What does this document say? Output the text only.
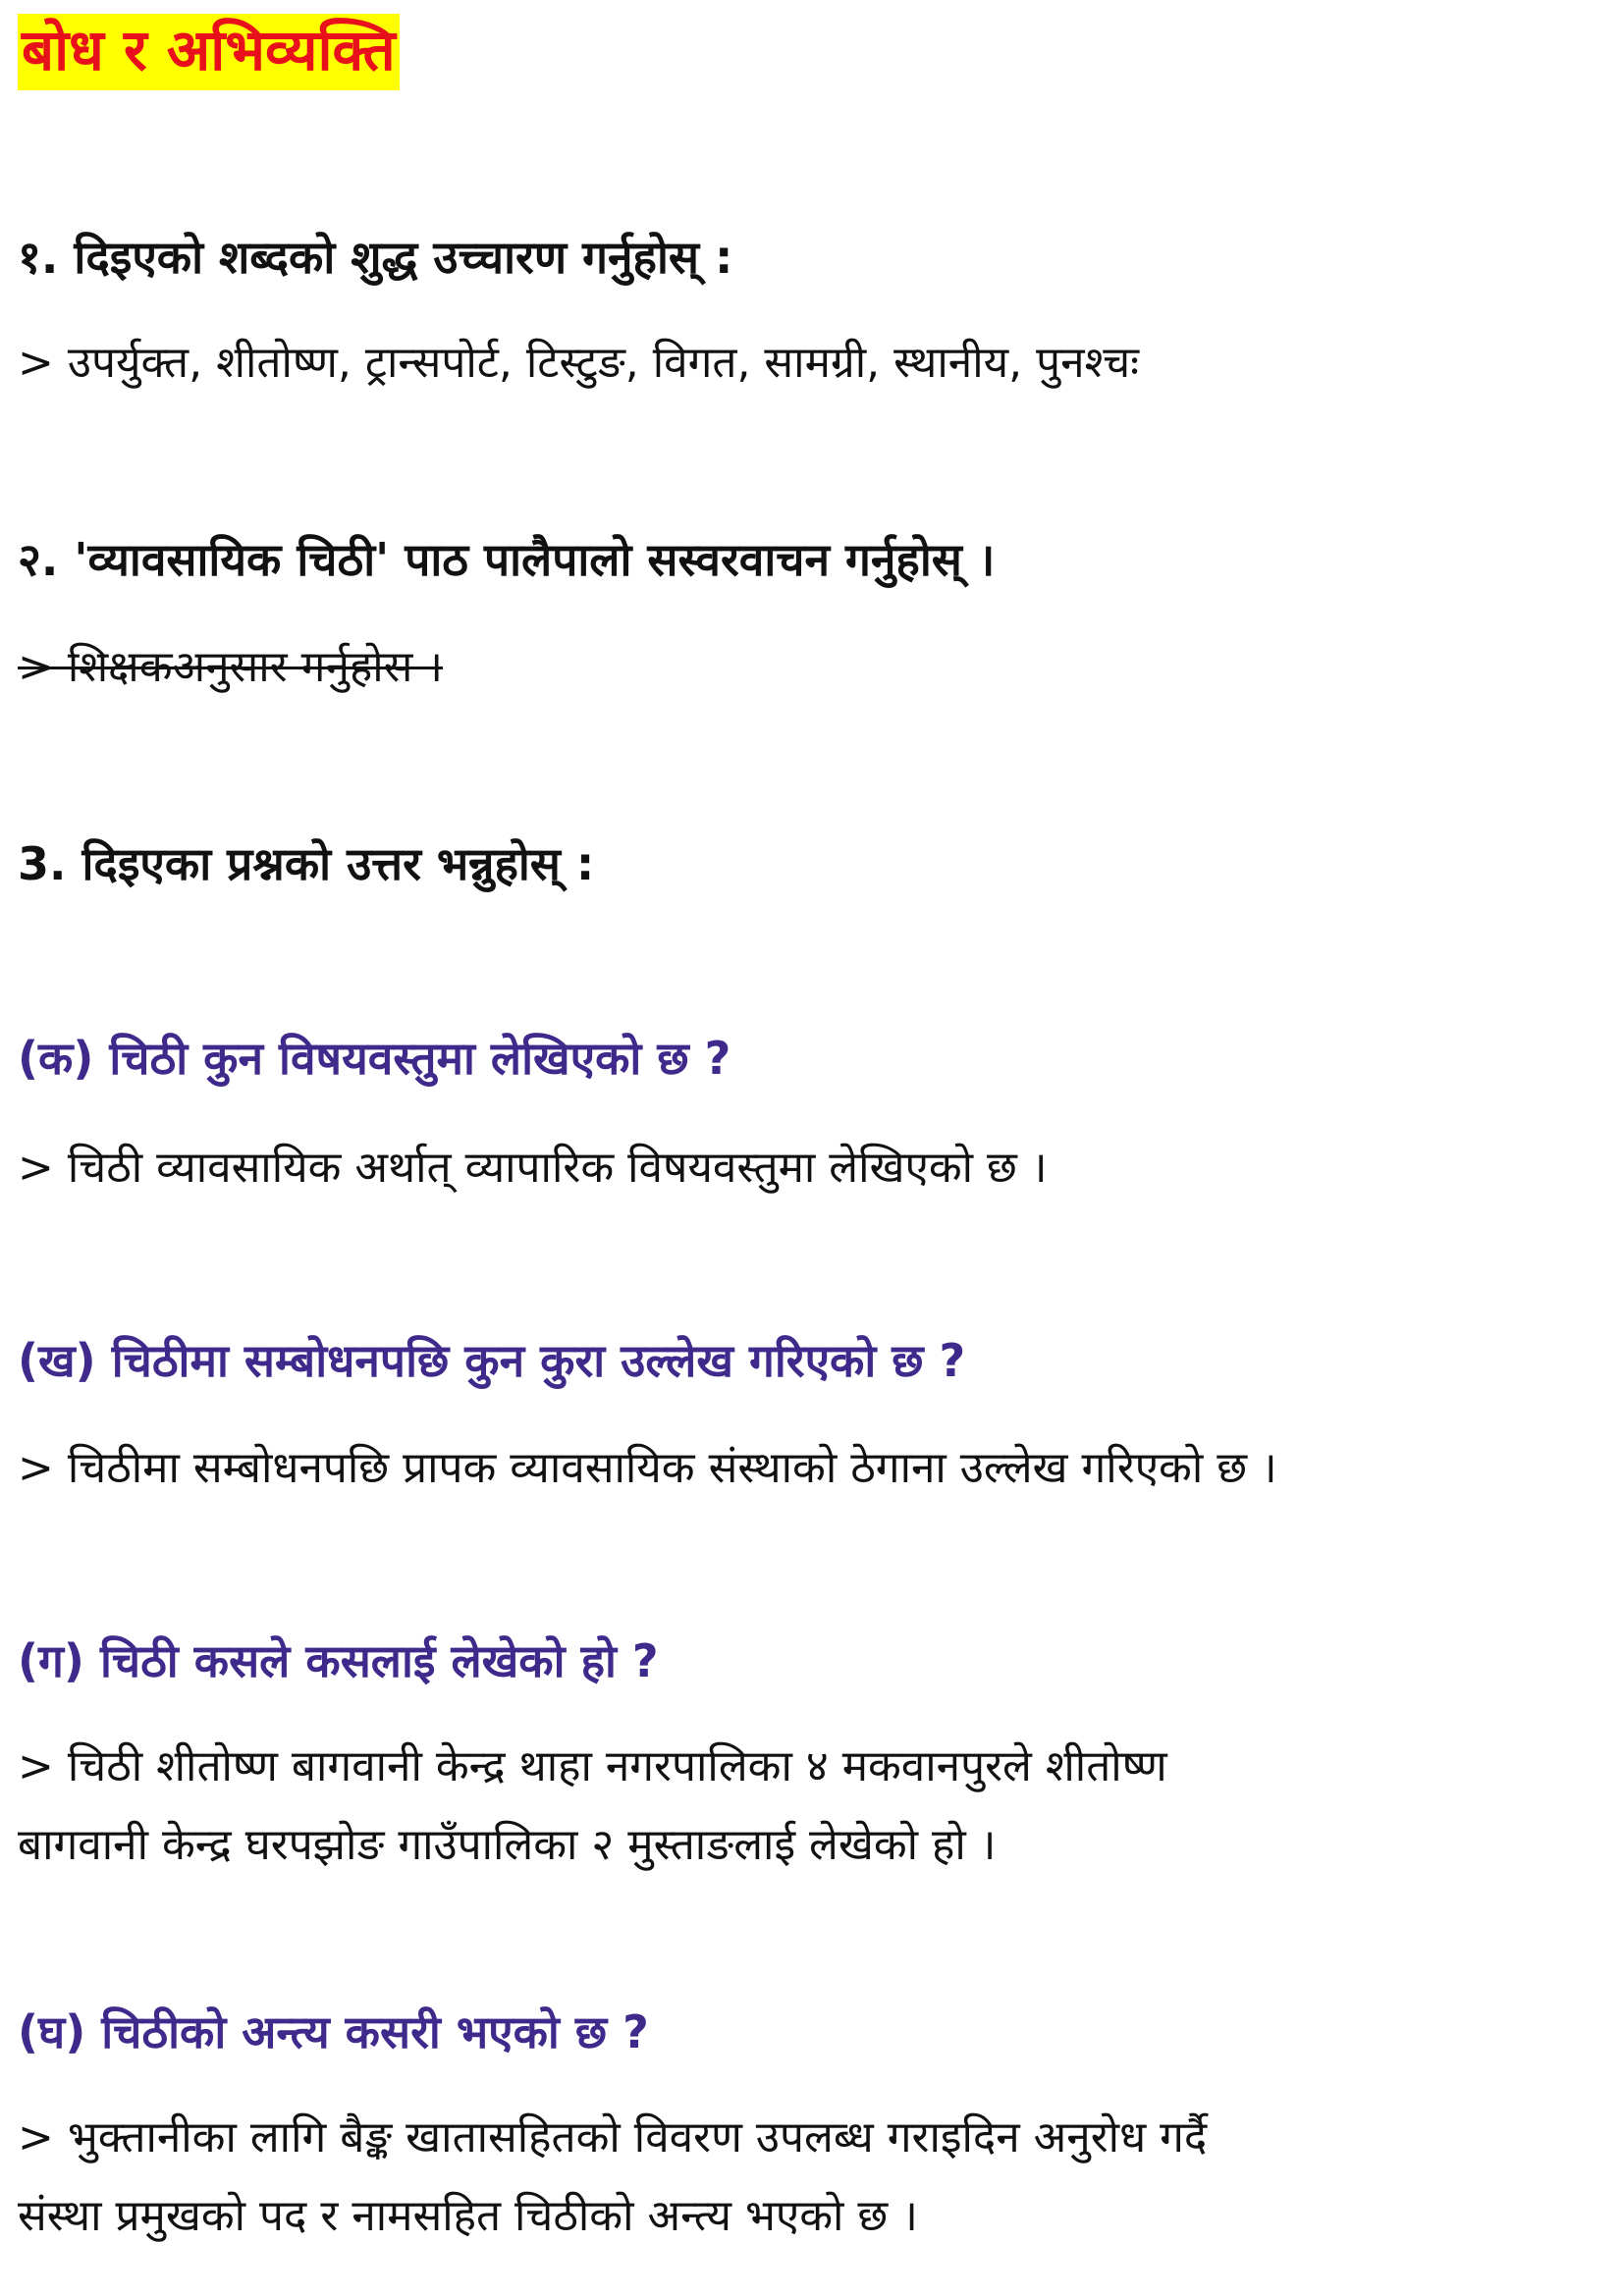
बोध र अभिव्यक्ति
१. दिइएको शब्दको शुद्ध उच्चारण गर्नुहोस् :
> उपर्युक्त, शीतोष्ण, ट्रान्सपोर्ट, टिस्टुङ, विगत, सामग्री, स्थानीय, पुनश्चः
२. 'व्यावसायिक चिठी' पाठ पालैपालो सस्वरवाचन गर्नुहोस् ।
> शिक्षकअनुसार गर्नुहोस ।
3. दिइएका प्रश्नको उत्तर भन्नुहोस् :
(क) चिठी कुन विषयवस्तुमा लेखिएको छ ?
> चिठी व्यावसायिक अर्थात् व्यापारिक विषयवस्तुमा लेखिएको छ ।
(ख) चिठीमा सम्बोधनपछि कुन कुरा उल्लेख गरिएको छ ?
> चिठीमा सम्बोधनपछि प्रापक व्यावसायिक संस्थाको ठेगाना उल्लेख गरिएको छ ।
(ग) चिठी कसले कसलाई लेखेको हो ?
> चिठी शीतोष्ण बागवानी केन्द्र थाहा नगरपालिका ४ मकवानपुरले शीतोष्ण
बागवानी केन्द्र घरपझोङ गाउँपालिका २ मुस्ताङलाई लेखेको हो ।
(घ) चिठीको अन्त्य कसरी भएको छ ?
> भुक्तानीका लागि बैङ्क खातासहितको विवरण उपलब्ध गराइदिन अनुरोध गर्दै
संस्था प्रमुखको पद र नामसहित चिठीको अन्त्य भएको छ ।
